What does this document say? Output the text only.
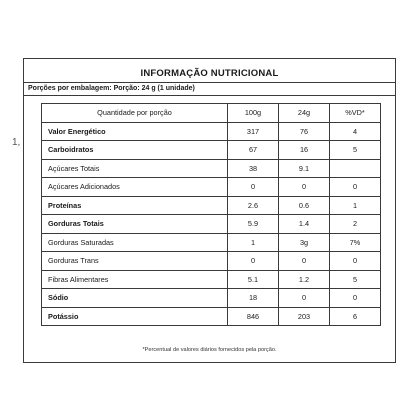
1,
INFORMAÇÃO NUTRICIONAL
Porções por embalagem: Porção: 24 g (1 unidade)
Quantidade por porção	100g	24g	%VD*
Valor Energético	317	76	4
Carboidratos	67	16	5
Açúcares Totais	38	9.1	
Açúcares Adicionados	0	0	0
Proteínas	2.6	0.6	1
Gorduras Totais	5.9	1.4	2
Gorduras Saturadas	1	3g	7%
Gorduras Trans	0	0	0
Fibras Alimentares	5.1	1.2	5
Sódio	18	0	0
Potássio	846	203	6
*Percentual de valores diários fornecidos pela porção.
